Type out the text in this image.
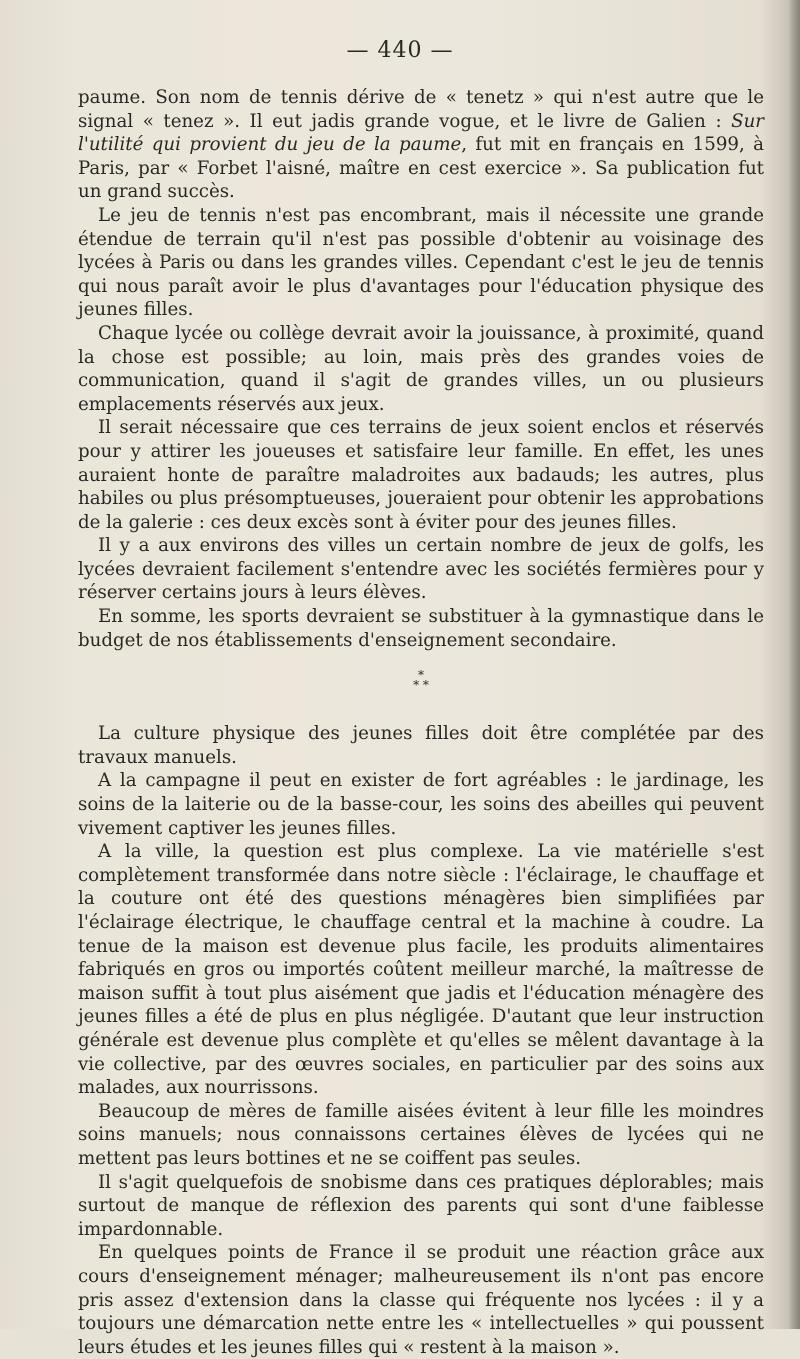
— 440 —

paume. Son nom de tennis dérive de « tenetz » qui n'est autre que le signal « tenez ». Il eut jadis grande vogue, et le livre de Galien : Sur l'utilité qui provient du jeu de la paume, fut mit en français en 1599, à Paris, par « Forbet l'aisné, maître en cest exercice ». Sa publication fut un grand succès.

Le jeu de tennis n'est pas encombrant, mais il nécessite une grande étendue de terrain qu'il n'est pas possible d'obtenir au voisinage des lycées à Paris ou dans les grandes villes. Cependant c'est le jeu de tennis qui nous paraît avoir le plus d'avantages pour l'éducation physique des jeunes filles.

Chaque lycée ou collège devrait avoir la jouissance, à proximité, quand la chose est possible; au loin, mais près des grandes voies de communication, quand il s'agit de grandes villes, un ou plusieurs emplacements réservés aux jeux.

Il serait nécessaire que ces terrains de jeux soient enclos et réservés pour y attirer les joueuses et satisfaire leur famille. En effet, les unes auraient honte de paraître maladroites aux badauds; les autres, plus habiles ou plus présomptueuses, joueraient pour obtenir les approbations de la galerie : ces deux excès sont à éviter pour des jeunes filles.

Il y a aux environs des villes un certain nombre de jeux de golfs, les lycées devraient facilement s'entendre avec les sociétés fermières pour y réserver certains jours à leurs élèves.

En somme, les sports devraient se substituer à la gymnastique dans le budget de nos établissements d'enseignement secondaire.

*
* *

La culture physique des jeunes filles doit être complétée par des travaux manuels.

A la campagne il peut en exister de fort agréables : le jardinage, les soins de la laiterie ou de la basse-cour, les soins des abeilles qui peuvent vivement captiver les jeunes filles.

A la ville, la question est plus complexe. La vie matérielle s'est complètement transformée dans notre siècle : l'éclairage, le chauffage et la couture ont été des questions ménagères bien simplifiées par l'éclairage électrique, le chauffage central et la machine à coudre. La tenue de la maison est devenue plus facile, les produits alimentaires fabriqués en gros ou importés coûtent meilleur marché, la maîtresse de maison suffit à tout plus aisément que jadis et l'éducation ménagère des jeunes filles a été de plus en plus négligée. D'autant que leur instruction générale est devenue plus complète et qu'elles se mêlent davantage à la vie collective, par des œuvres sociales, en particulier par des soins aux malades, aux nourrissons.

Beaucoup de mères de famille aisées évitent à leur fille les moindres soins manuels; nous connaissons certaines élèves de lycées qui ne mettent pas leurs bottines et ne se coiffent pas seules.

Il s'agit quelquefois de snobisme dans ces pratiques déplorables; mais surtout de manque de réflexion des parents qui sont d'une faiblesse impardonnable.

En quelques points de France il se produit une réaction grâce aux cours d'enseignement ménager; malheureusement ils n'ont pas encore pris assez d'extension dans la classe qui fréquente nos lycées : il y a toujours une démarcation nette entre les « intellectuelles » qui poussent leurs études et les jeunes filles qui « restent à la maison ».
